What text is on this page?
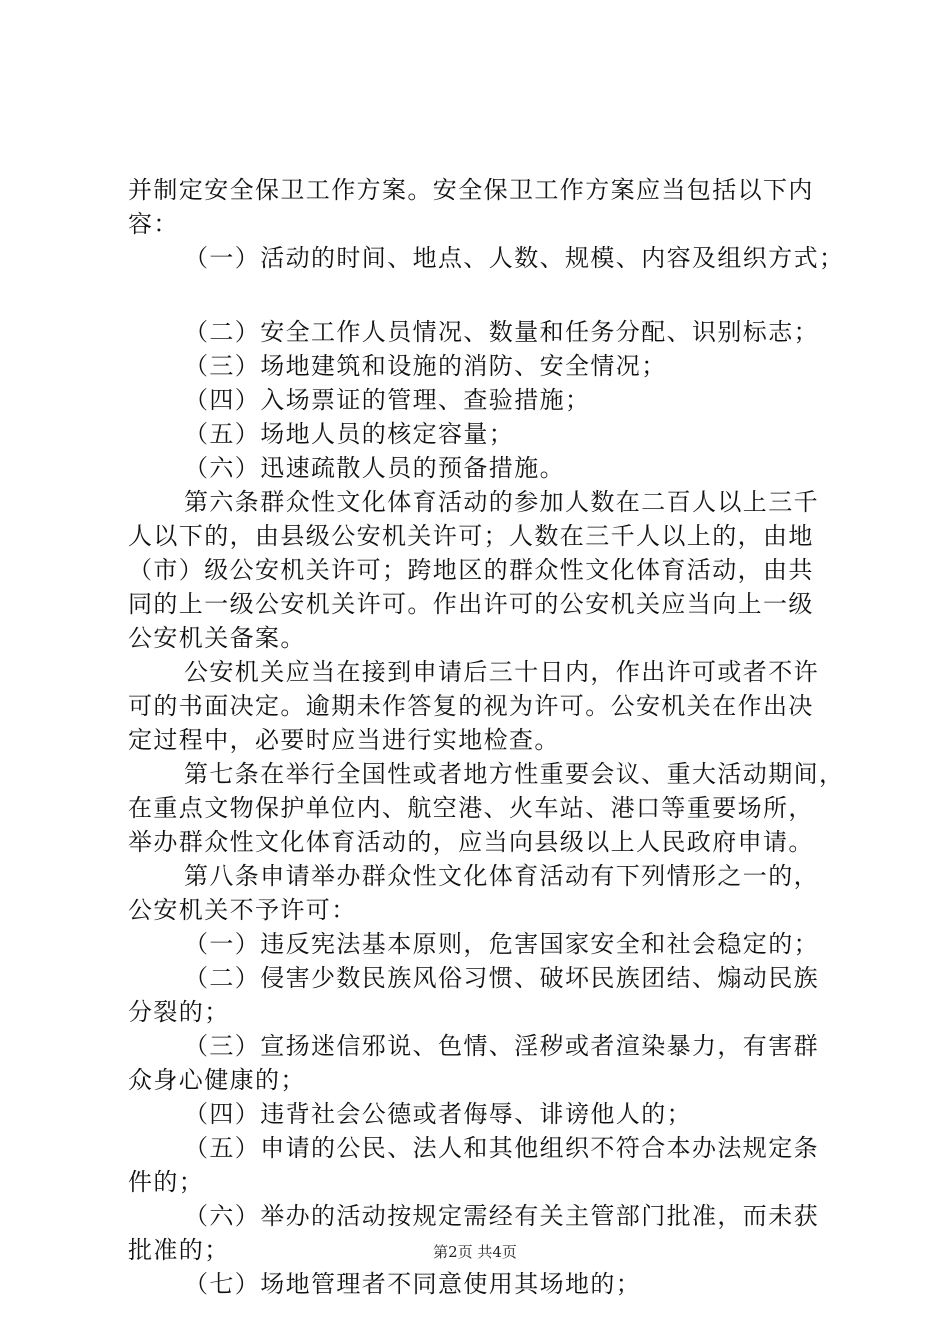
并制定安全保卫工作方案。安全保卫工作方案应当包括以下内
容：
（一）活动的时间、地点、人数、规模、内容及组织方式；
（二）安全工作人员情况、数量和任务分配、识别标志；
（三）场地建筑和设施的消防、安全情况；
（四）入场票证的管理、查验措施；
（五）场地人员的核定容量；
（六）迅速疏散人员的预备措施。
第六条群众性文化体育活动的参加人数在二百人以上三千
人以下的，由县级公安机关许可；人数在三千人以上的，由地
（市）级公安机关许可；跨地区的群众性文化体育活动，由共
同的上一级公安机关许可。作出许可的公安机关应当向上一级
公安机关备案。
公安机关应当在接到申请后三十日内，作出许可或者不许
可的书面决定。逾期未作答复的视为许可。公安机关在作出决
定过程中，必要时应当进行实地检查。
第七条在举行全国性或者地方性重要会议、重大活动期间，
在重点文物保护单位内、航空港、火车站、港口等重要场所，
举办群众性文化体育活动的，应当向县级以上人民政府申请。
第八条申请举办群众性文化体育活动有下列情形之一的，
公安机关不予许可：
（一）违反宪法基本原则，危害国家安全和社会稳定的；
（二）侵害少数民族风俗习惯、破坏民族团结、煽动民族
分裂的；
（三）宣扬迷信邪说、色情、淫秽或者渲染暴力，有害群
众身心健康的；
（四）违背社会公德或者侮辱、诽谤他人的；
（五）申请的公民、法人和其他组织不符合本办法规定条
件的；
（六）举办的活动按规定需经有关主管部门批准，而未获
批准的；
（七）场地管理者不同意使用其场地的；
第2页 共4页
